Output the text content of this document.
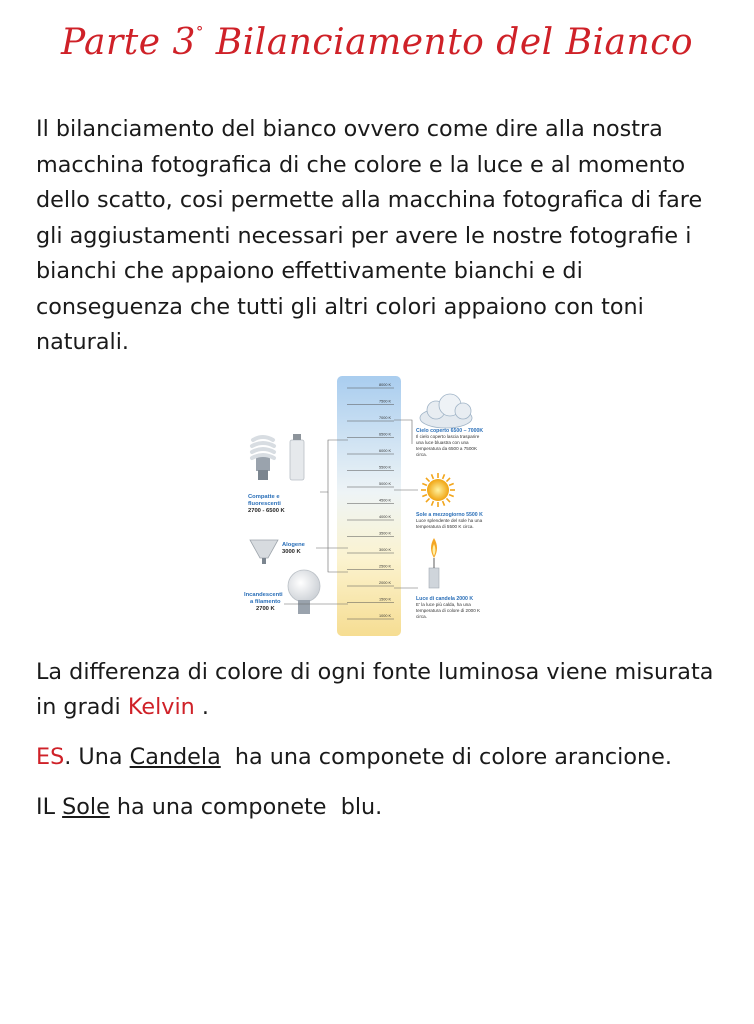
Parte 3° Bilanciamento del Bianco

Il bilanciamento del bianco ovvero come dire alla nostra macchina fotografica di che colore e la luce e al momento dello scatto, cosi permette alla macchina fotografica di fare gli aggiustamenti necessari per avere le nostre fotografie i bianchi che appaiono effettivamente bianchi e di conseguenza che tutti gli altri colori appaiono con toni naturali.

8000 K
7500 K
7000 K
6500 K
6000 K
5500 K
5000 K
4500 K
4000 K
3500 K
3000 K
2500 K
2000 K
1500 K
1000 K
Compatte e
fluorescenti
2700 - 6500 K
Alogene
3000 K
Incandescenti
a filamento
2700 K
Cielo coperto 6500 – 7000K
Il cielo coperto lascia trasparire
una luce bluastra con una
temperatura da 6500 a 7500K
circa.
Sole a mezzogiorno 5500 K
Luce splendente del sole ha una
temperatura di 5500 K circa.
Luce di candela 2000 K
E' la luce più calda, ha una
temperatura di colore di 2000 K
circa.

La differenza di colore di ogni fonte luminosa viene misurata in gradi Kelvin .

ES. Una Candela  ha una componete di colore arancione.

IL Sole ha una componete  blu.
